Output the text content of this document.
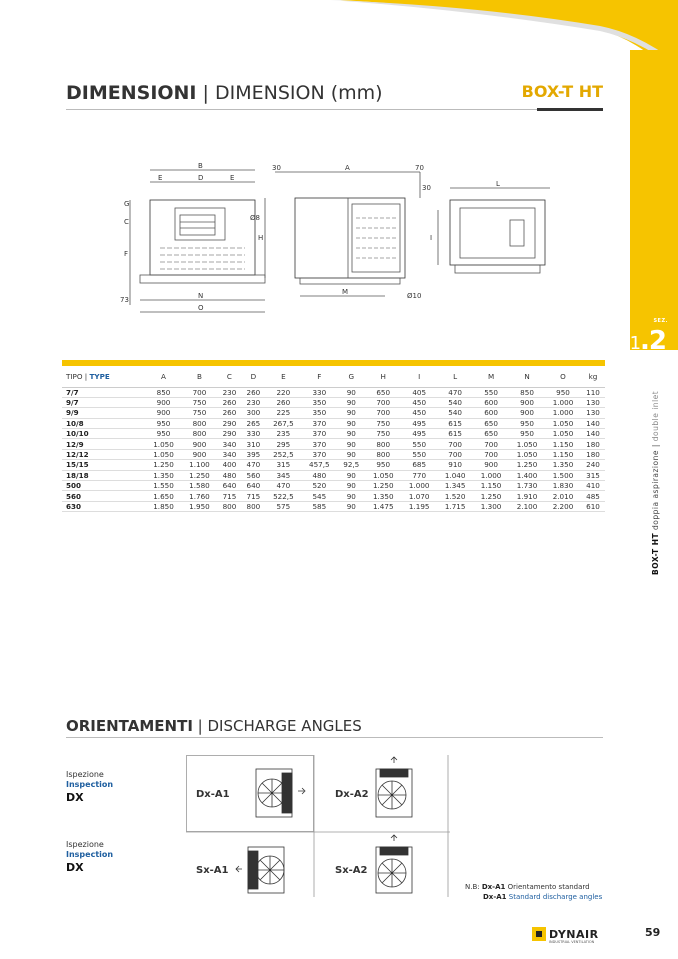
SEZ.
1.2
BOX-T HT doppia aspirazione | double inlet
DIMENSIONI | DIMENSION (mm)	BOX-T HT
B
E	D	E
G
C
F
73	N
O
Ø8
30	A	70
30
H
M	Ø10
L
I
TIPO | TYPE	A	B	C	D	E	F	G	H	I	L	M	N	O	kg
7/7	850	700	230	260	220	330	90	650	405	470	550	850	950	110
9/7	900	750	260	230	260	350	90	700	450	540	600	900	1.000	130
9/9	900	750	260	300	225	350	90	700	450	540	600	900	1.000	130
10/8	950	800	290	265	267,5	370	90	750	495	615	650	950	1.050	140
10/10	950	800	290	330	235	370	90	750	495	615	650	950	1.050	140
12/9	1.050	900	340	310	295	370	90	800	550	700	700	1.050	1.150	180
12/12	1.050	900	340	395	252,5	370	90	800	550	700	700	1.050	1.150	180
15/15	1.250	1.100	400	470	315	457,5	92,5	950	685	910	900	1.250	1.350	240
18/18	1.350	1.250	480	560	345	480	90	1.050	770	1.040	1.000	1.400	1.500	315
500	1.550	1.580	640	640	470	520	90	1.250	1.000	1.345	1.150	1.730	1.830	410
560	1.650	1.760	715	715	522,5	545	90	1.350	1.070	1.520	1.250	1.910	2.010	485
630	1.850	1.950	800	800	575	585	90	1.475	1.195	1.715	1.300	2.100	2.200	610
ORIENTAMENTI | DISCHARGE ANGLES
Ispezione
Inspection
DX
Ispezione
Inspection
DX
Dx-A1	Dx-A2
Sx-A1	Sx-A2
N.B: Dx-A1 Orientamento standard
Dx-A1 Standard discharge angles
DYNAIR
INDUSTRIAL VENTILATION
59
